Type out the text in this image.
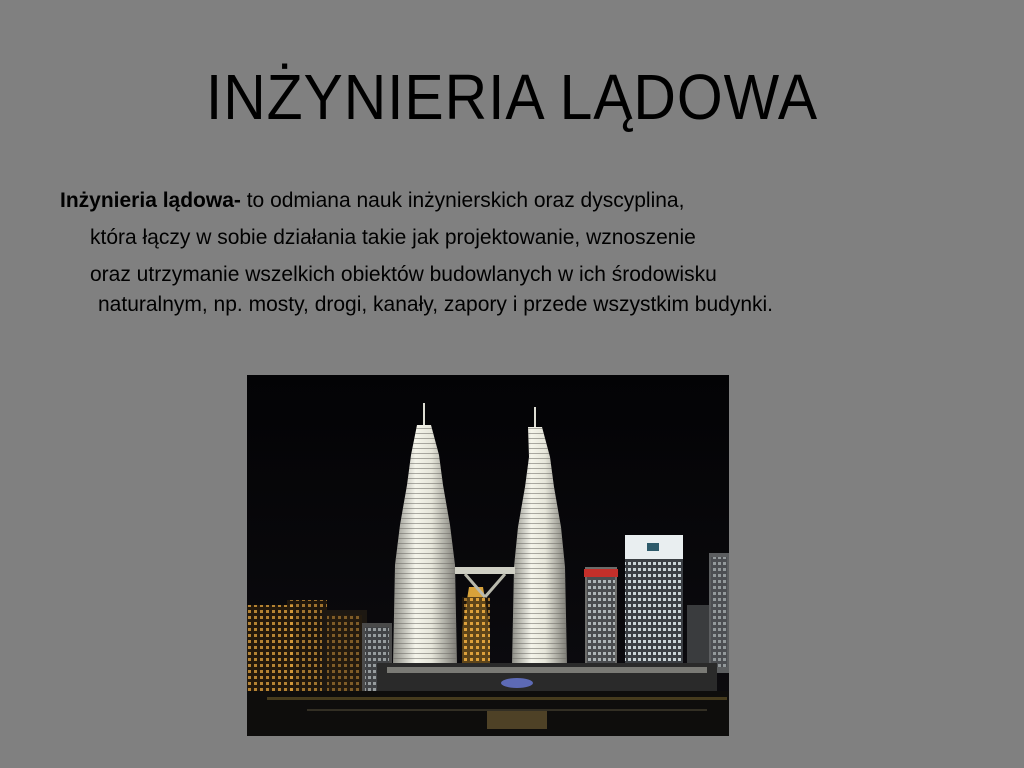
INŻYNIERIA LĄDOWA

Inżynieria lądowa- to odmiana nauk inżynierskich oraz dyscyplina,

która łączy w sobie działania takie jak projektowanie, wznoszenie

oraz utrzymanie wszelkich obiektów budowlanych w ich środowisku

naturalnym, np. mosty, drogi, kanały, zapory i przede wszystkim budynki.
